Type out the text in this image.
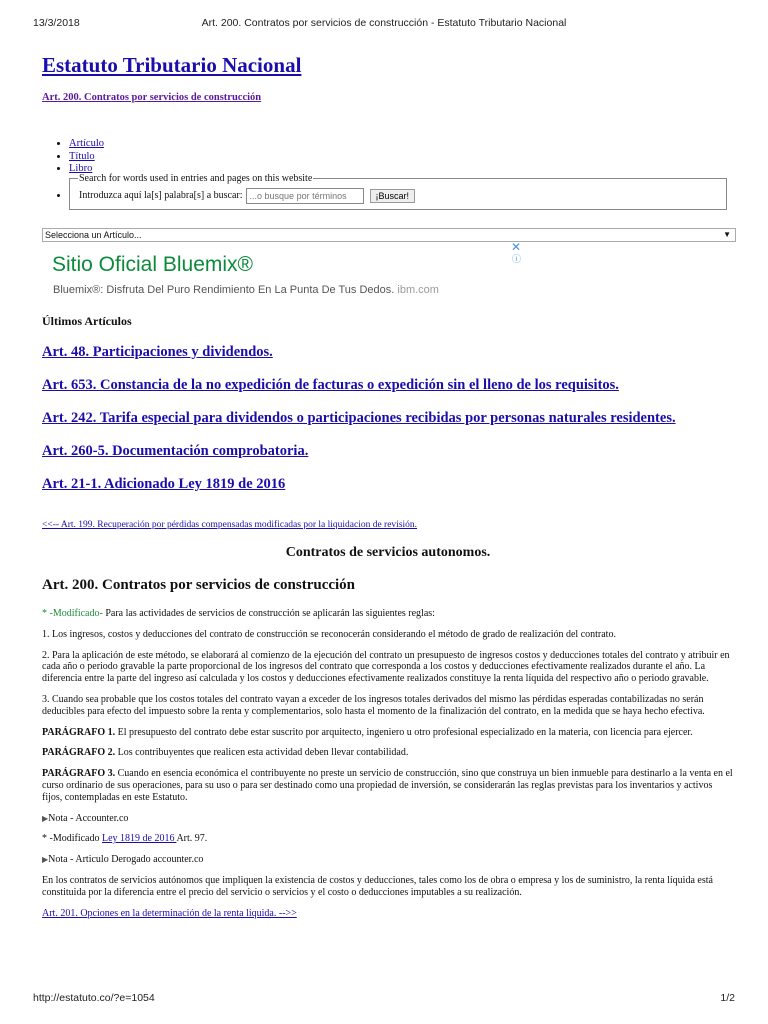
13/3/2018	Art. 200. Contratos por servicios de construcción - Estatuto Tributario Nacional
Estatuto Tributario Nacional
Art. 200. Contratos por servicios de construcción
• Artículo
• Título
• Libro
• Search for words used in entries and pages on this website
Introduzca aquí la[s] palabra[s] a buscar:
...o busque por términos	¡Buscar!
Selecciona un Artículo...	▼
Sitio Oficial Bluemix®
Bluemix®: Disfruta Del Puro Rendimiento En La Punta De Tus Dedos. ibm.com
✕
ⓘ
Últimos Artículos
Art. 48. Participaciones y dividendos.
Art. 653. Constancia de la no expedición de facturas o expedición sin el lleno de los requisitos.
Art. 242. Tarifa especial para dividendos o participaciones recibidas por personas naturales residentes.
Art. 260-5. Documentación comprobatoria.
Art. 21-1. Adicionado Ley 1819 de 2016
<<-- Art. 199. Recuperación por pérdidas compensadas modificadas por la liquidacion de revisión.
Contratos de servicios autonomos.
Art. 200. Contratos por servicios de construcción

* -Modificado- Para las actividades de servicios de construcción se aplicarán las siguientes reglas:

1. Los ingresos, costos y deducciones del contrato de construcción se reconocerán considerando el método de grado de realización del contrato.

2. Para la aplicación de este método, se elaborará al comienzo de la ejecución del contrato un presupuesto de ingresos costos y deducciones totales del contrato y atribuir en cada año o periodo gravable la parte proporcional de los ingresos del contrato que corresponda a los costos y deducciones efectivamente realizados durante el año. La diferencia entre la parte del ingreso así calculada y los costos y deducciones efectivamente realizados constituye la renta líquida del respectivo año o periodo gravable.

3. Cuando sea probable que los costos totales del contrato vayan a exceder de los ingresos totales derivados del mismo las pérdidas esperadas contabilizadas no serán deducibles para efecto del impuesto sobre la renta y complementarios, solo hasta el momento de la finalización del contrato, en la medida que se haya hecho efectiva.

PARÁGRAFO 1. El presupuesto del contrato debe estar suscrito por arquitecto, ingeniero u otro profesional especializado en la materia, con licencia para ejercer.

PARÁGRAFO 2. Los contribuyentes que realicen esta actividad deben llevar contabilidad.

PARÁGRAFO 3. Cuando en esencia económica el contribuyente no preste un servicio de construcción, sino que construya un bien inmueble para destinarlo a la venta en el curso ordinario de sus operaciones, para su uso o para ser destinado como una propiedad de inversión, se considerarán las reglas previstas para los inventarios y activos fijos, contempladas en este Estatuto.

▶Nota - Accounter.co

* -Modificado Ley 1819 de 2016 Art. 97.

▶Nota - Articulo Derogado accounter.co

En los contratos de servicios autónomos que impliquen la existencia de costos y deducciones, tales como los de obra o empresa y los de suministro, la renta líquida está constituida por la diferencia entre el precio del servicio o servicios y el costo o deducciones imputables a su realización.

Art. 201. Opciones en la determinación de la renta liquida. -->>

http://estatuto.co/?e=1054	1/2
